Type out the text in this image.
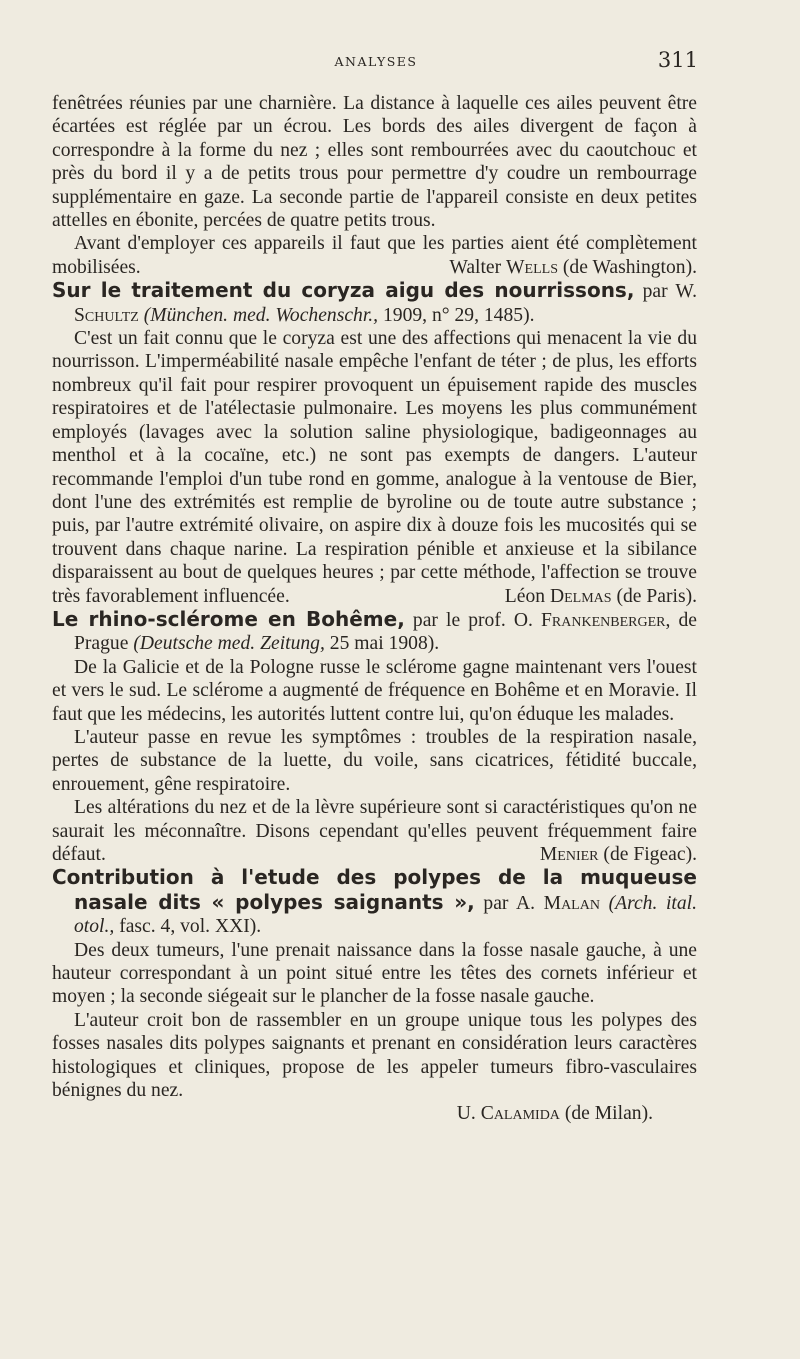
ANALYSES	311

fenêtrées réunies par une charnière. La distance à laquelle ces ailes peuvent être écartées est réglée par un écrou. Les bords des ailes divergent de façon à correspondre à la forme du nez ; elles sont rembourrées avec du caoutchouc et près du bord il y a de petits trous pour permettre d'y coudre un rembourrage supplémentaire en gaze. La seconde partie de l'appareil consiste en deux petites attelles en ébonite, percées de quatre petits trous.

Avant d'employer ces appareils il faut que les parties aient été complètement mobilisées.	Walter Wells (de Washington).

Sur le traitement du coryza aigu des nourrissons, par W. Schultz (München. med. Wochenschr., 1909, n° 29, 1485).

C'est un fait connu que le coryza est une des affections qui menacent la vie du nourrisson. L'imperméabilité nasale empêche l'enfant de téter ; de plus, les efforts nombreux qu'il fait pour respirer provoquent un épuisement rapide des muscles respiratoires et de l'atélectasie pulmonaire. Les moyens les plus communément employés (lavages avec la solution saline physiologique, badigeonnages au menthol et à la cocaïne, etc.) ne sont pas exempts de dangers. L'auteur recommande l'emploi d'un tube rond en gomme, analogue à la ventouse de Bier, dont l'une des extrémités est remplie de byroline ou de toute autre substance ; puis, par l'autre extrémité olivaire, on aspire dix à douze fois les mucosités qui se trouvent dans chaque narine. La respiration pénible et anxieuse et la sibilance disparaissent au bout de quelques heures ; par cette méthode, l'affection se trouve très favorablement influencée.	Léon Delmas (de Paris).

Le rhino-sclérome en Bohême, par le prof. O. Frankenberger, de Prague (Deutsche med. Zeitung, 25 mai 1908).

De la Galicie et de la Pologne russe le sclérome gagne maintenant vers l'ouest et vers le sud. Le sclérome a augmenté de fréquence en Bohême et en Moravie. Il faut que les médecins, les autorités luttent contre lui, qu'on éduque les malades.

L'auteur passe en revue les symptômes : troubles de la respiration nasale, pertes de substance de la luette, du voile, sans cicatrices, fétidité buccale, enrouement, gêne respiratoire.

Les altérations du nez et de la lèvre supérieure sont si caractéristiques qu'on ne saurait les méconnaître. Disons cependant qu'elles peuvent fréquemment faire défaut.	Menier (de Figeac).

Contribution à l'etude des polypes de la muqueuse nasale dits « polypes saignants », par A. Malan (Arch. ital. otol., fasc. 4, vol. XXI).

Des deux tumeurs, l'une prenait naissance dans la fosse nasale gauche, à une hauteur correspondant à un point situé entre les têtes des cornets inférieur et moyen ; la seconde siégeait sur le plancher de la fosse nasale gauche.

L'auteur croit bon de rassembler en un groupe unique tous les polypes des fosses nasales dits polypes saignants et prenant en considération leurs caractères histologiques et cliniques, propose de les appeler tumeurs fibro-vasculaires bénignes du nez.

U. Calamida (de Milan).
